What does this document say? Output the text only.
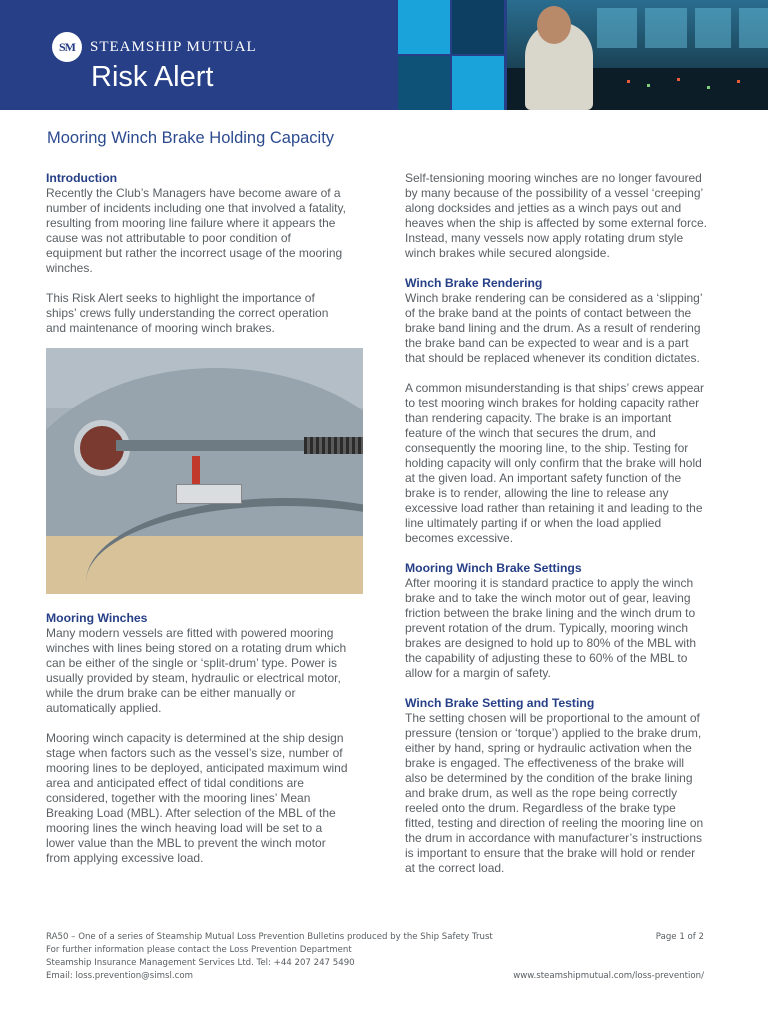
SM	STEAMSHIP MUTUAL
Risk Alert
Mooring Winch Brake Holding Capacity
Introduction
Recently the Club’s Managers have become aware of a
number of incidents including one that involved a fatality,
resulting from mooring line failure where it appears the
cause was not attributable to poor condition of
equipment but rather the incorrect usage of the mooring
winches.
This Risk Alert seeks to highlight the importance of
ships’ crews fully understanding the correct operation
and maintenance of mooring winch brakes.
Mooring Winches
Many modern vessels are fitted with powered mooring
winches with lines being stored on a rotating drum which
can be either of the single or ‘split-drum’ type. Power is
usually provided by steam, hydraulic or electrical motor,
while the drum brake can be either manually or
automatically applied.
Mooring winch capacity is determined at the ship design
stage when factors such as the vessel’s size, number of
mooring lines to be deployed, anticipated maximum wind
area and anticipated effect of tidal conditions are
considered, together with the mooring lines’ Mean
Breaking Load (MBL). After selection of the MBL of the
mooring lines the winch heaving load will be set to a
lower value than the MBL to prevent the winch motor
from applying excessive load.
Self-tensioning mooring winches are no longer favoured
by many because of the possibility of a vessel ‘creeping’
along docksides and jetties as a winch pays out and
heaves when the ship is affected by some external force.
Instead, many vessels now apply rotating drum style
winch brakes while secured alongside.
Winch Brake Rendering
Winch brake rendering can be considered as a ‘slipping’
of the brake band at the points of contact between the
brake band lining and the drum. As a result of rendering
the brake band can be expected to wear and is a part
that should be replaced whenever its condition dictates.
A common misunderstanding is that ships’ crews appear
to test mooring winch brakes for holding capacity rather
than rendering capacity. The brake is an important
feature of the winch that secures the drum, and
consequently the mooring line, to the ship. Testing for
holding capacity will only confirm that the brake will hold
at the given load. An important safety function of the
brake is to render, allowing the line to release any
excessive load rather than retaining it and leading to the
line ultimately parting if or when the load applied
becomes excessive.
Mooring Winch Brake Settings
After mooring it is standard practice to apply the winch
brake and to take the winch motor out of gear, leaving
friction between the brake lining and the winch drum to
prevent rotation of the drum. Typically, mooring winch
brakes are designed to hold up to 80% of the MBL with
the capability of adjusting these to 60% of the MBL to
allow for a margin of safety.
Winch Brake Setting and Testing
The setting chosen will be proportional to the amount of
pressure (tension or ‘torque’) applied to the brake drum,
either by hand, spring or hydraulic activation when the
brake is engaged. The effectiveness of the brake will
also be determined by the condition of the brake lining
and brake drum, as well as the rope being correctly
reeled onto the drum. Regardless of the brake type
fitted, testing and direction of reeling the mooring line on
the drum in accordance with manufacturer’s instructions
is important to ensure that the brake will hold or render
at the correct load.
RA50 – One of a series of Steamship Mutual Loss Prevention Bulletins produced by the Ship Safety Trust	Page 1 of 2
For further information please contact the Loss Prevention Department
Steamship Insurance Management Services Ltd. Tel: +44 207 247 5490
Email: loss.prevention@simsl.com	www.steamshipmutual.com/loss-prevention/
